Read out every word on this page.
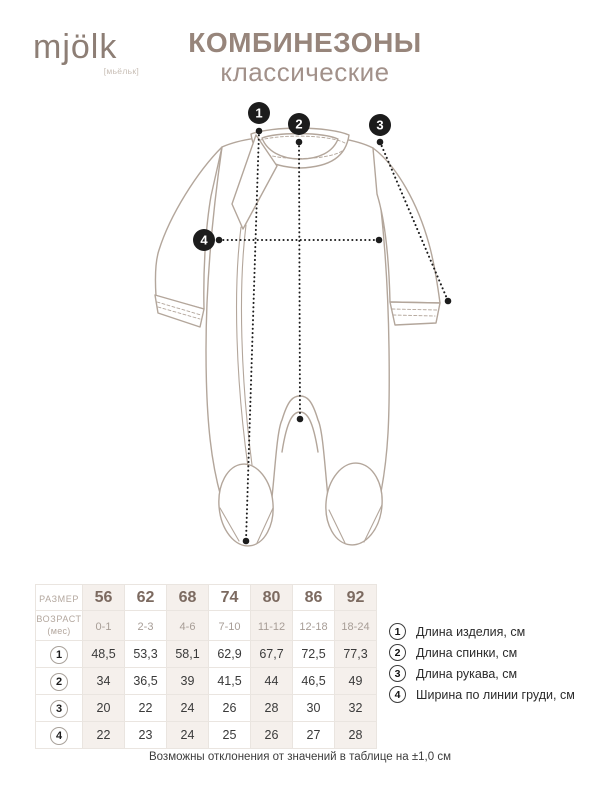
mjölk
[мьёльк]
КОМБИНЕЗОНЫ
классические
1
2	3
4
РАЗМЕР	56	62	68	74	80	86	92

ВОЗРАСТ
(мес)	0-1	2-3	4-6	7-10	11-12	12-18	18-24
1	48,5	53,3	58,1	62,9	67,7	72,5	77,3
2	34	36,5	39	41,5	44	46,5	49
3	20	22	24	26	28	30	32
4	22	23	24	25	26	27	28
1	Длина изделия, см
2	Длина спинки, см
3	Длина рукава, см
4	Ширина по линии груди, см
Возможны отклонения от значений в таблице на ±1,0 см
